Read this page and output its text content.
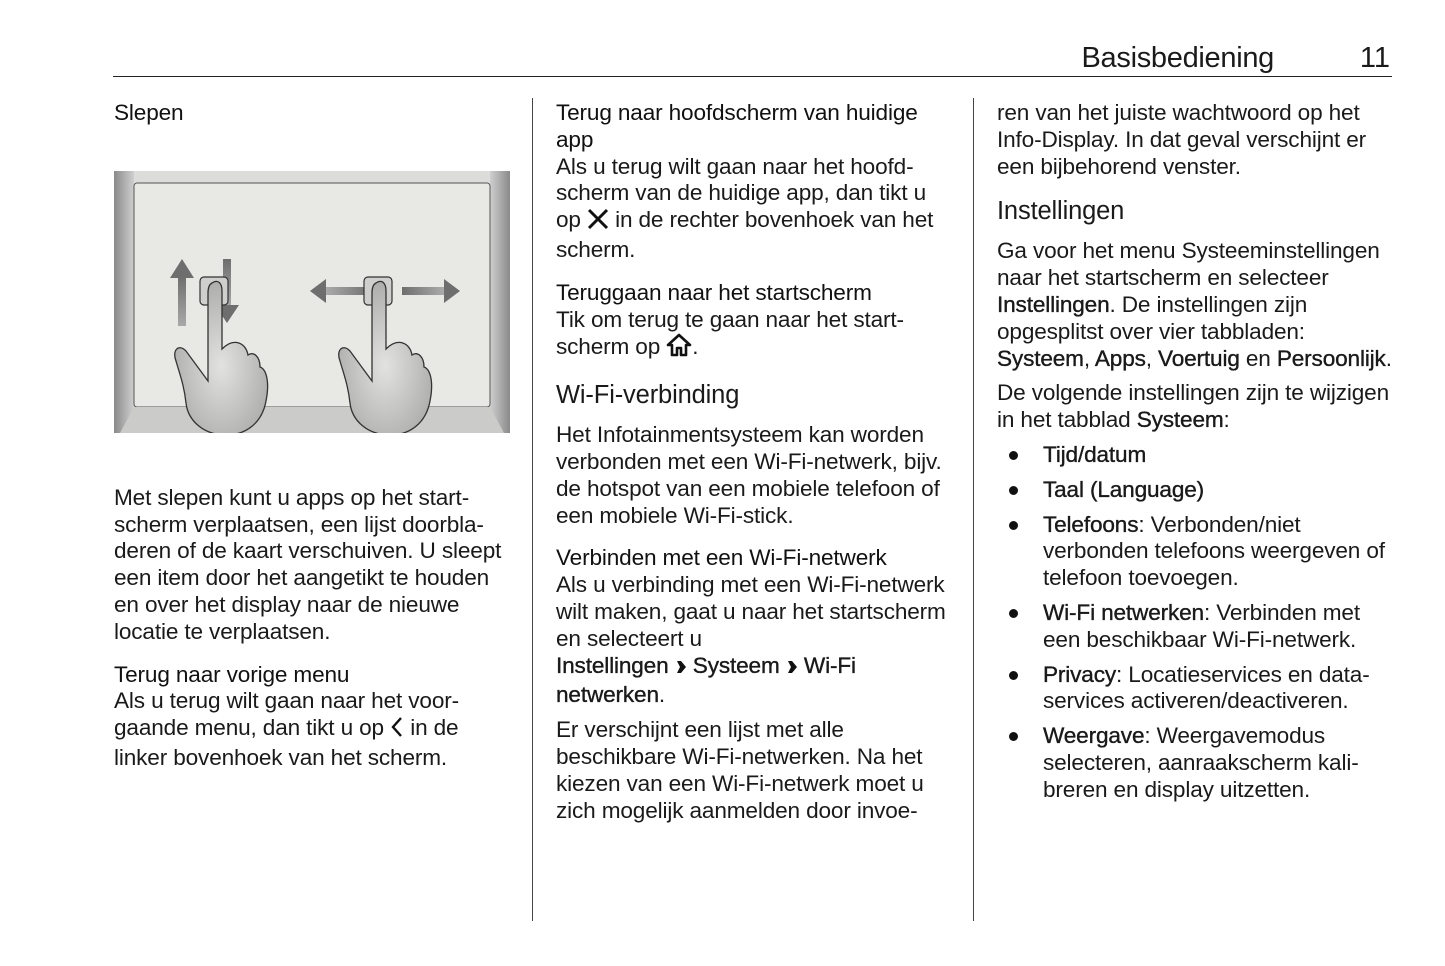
Basisbediening	11

Slepen

Met slepen kunt u apps op het startscherm verplaatsen, een lijst doorbladeren of de kaart verschuiven. U sleept een item door het aangetikt te houden en over het display naar de nieuwe locatie te verplaatsen.

Terug naar vorige menu

Als u terug wilt gaan naar het voorgaande menu, dan tikt u op  in de linker bovenhoek van het scherm.

Terug naar hoofdscherm van huidige app

Als u terug wilt gaan naar het hoofdscherm van de huidige app, dan tikt u op  in de rechter bovenhoek van het scherm.

Teruggaan naar het startscherm

Tik om terug te gaan naar het startscherm op .

Wi-Fi-verbinding

Het Infotainmentsysteem kan worden verbonden met een Wi-Fi-netwerk, bijv. de hotspot van een mobiele telefoon of een mobiele Wi-Fi-stick.

Verbinden met een Wi-Fi-netwerk

Als u verbinding met een Wi-Fi-netwerk wilt maken, gaat u naar het startscherm en selecteert u
Instellingen Systeem Wi-Fi netwerken.

Er verschijnt een lijst met alle beschikbare Wi-Fi-netwerken. Na het kiezen van een Wi-Fi-netwerk moet u zich mogelijk aanmelden door invoe-

ren van het juiste wachtwoord op het Info-Display. In dat geval verschijnt er een bijbehorend venster.

Instellingen

Ga voor het menu Systeeminstellingen naar het startscherm en selecteer Instellingen. De instellingen zijn opgesplitst over vier tabbladen: Systeem, Apps, Voertuig en Persoonlijk.

De volgende instellingen zijn te wijzigen in het tabblad Systeem:

Tijd/datum
Taal (Language)
Telefoons: Verbonden/niet verbonden telefoons weergeven of telefoon toevoegen.
Wi-Fi netwerken: Verbinden met een beschikbaar Wi-Fi-netwerk.
Privacy: Locatieservices en dataservices activeren/deactiveren.
Weergave: Weergavemodus selecteren, aanraakscherm kalibreren en display uitzetten.
